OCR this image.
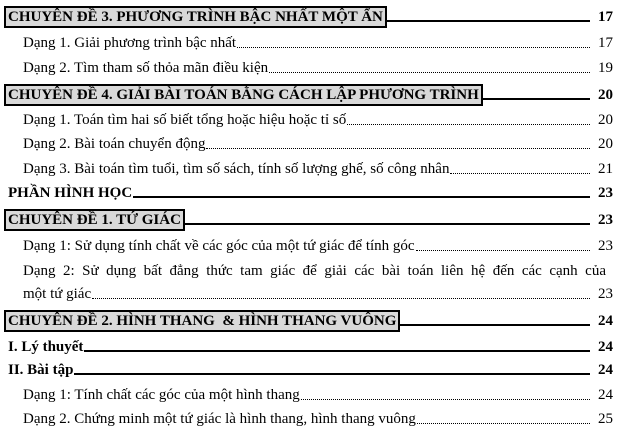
CHUYÊN ĐỀ 3. PHƯƠNG TRÌNH BẬC NHẤT MỘT ẨN	17
Dạng 1. Giải phương trình bậc nhất	17
Dạng 2. Tìm tham số thỏa mãn điều kiện	19
CHUYÊN ĐỀ 4. GIẢI BÀI TOÁN BẰNG CÁCH LẬP PHƯƠNG TRÌNH	20
Dạng 1. Toán tìm hai số biết tổng hoặc hiệu hoặc tỉ số	20
Dạng 2. Bài toán chuyển động	20
Dạng 3. Bài toán tìm tuổi, tìm số sách, tính số lượng ghế, số công nhân	21
PHẦN HÌNH HỌC	23
CHUYÊN ĐỀ 1. TỨ GIÁC	23
Dạng 1: Sử dụng tính chất về các góc của một tứ giác để tính góc	23
Dạng 2: Sử dụng bất đẳng thức tam giác để giải các bài toán liên hệ đến các cạnh của
một tứ giác	23
CHUYÊN ĐỀ 2. HÌNH THANG  & HÌNH THANG VUÔNG	24
I. Lý thuyết	24
II. Bài tập	24
Dạng 1: Tính chất các góc của một hình thang	24
Dạng 2. Chứng minh một tứ giác là hình thang, hình thang vuông	25
